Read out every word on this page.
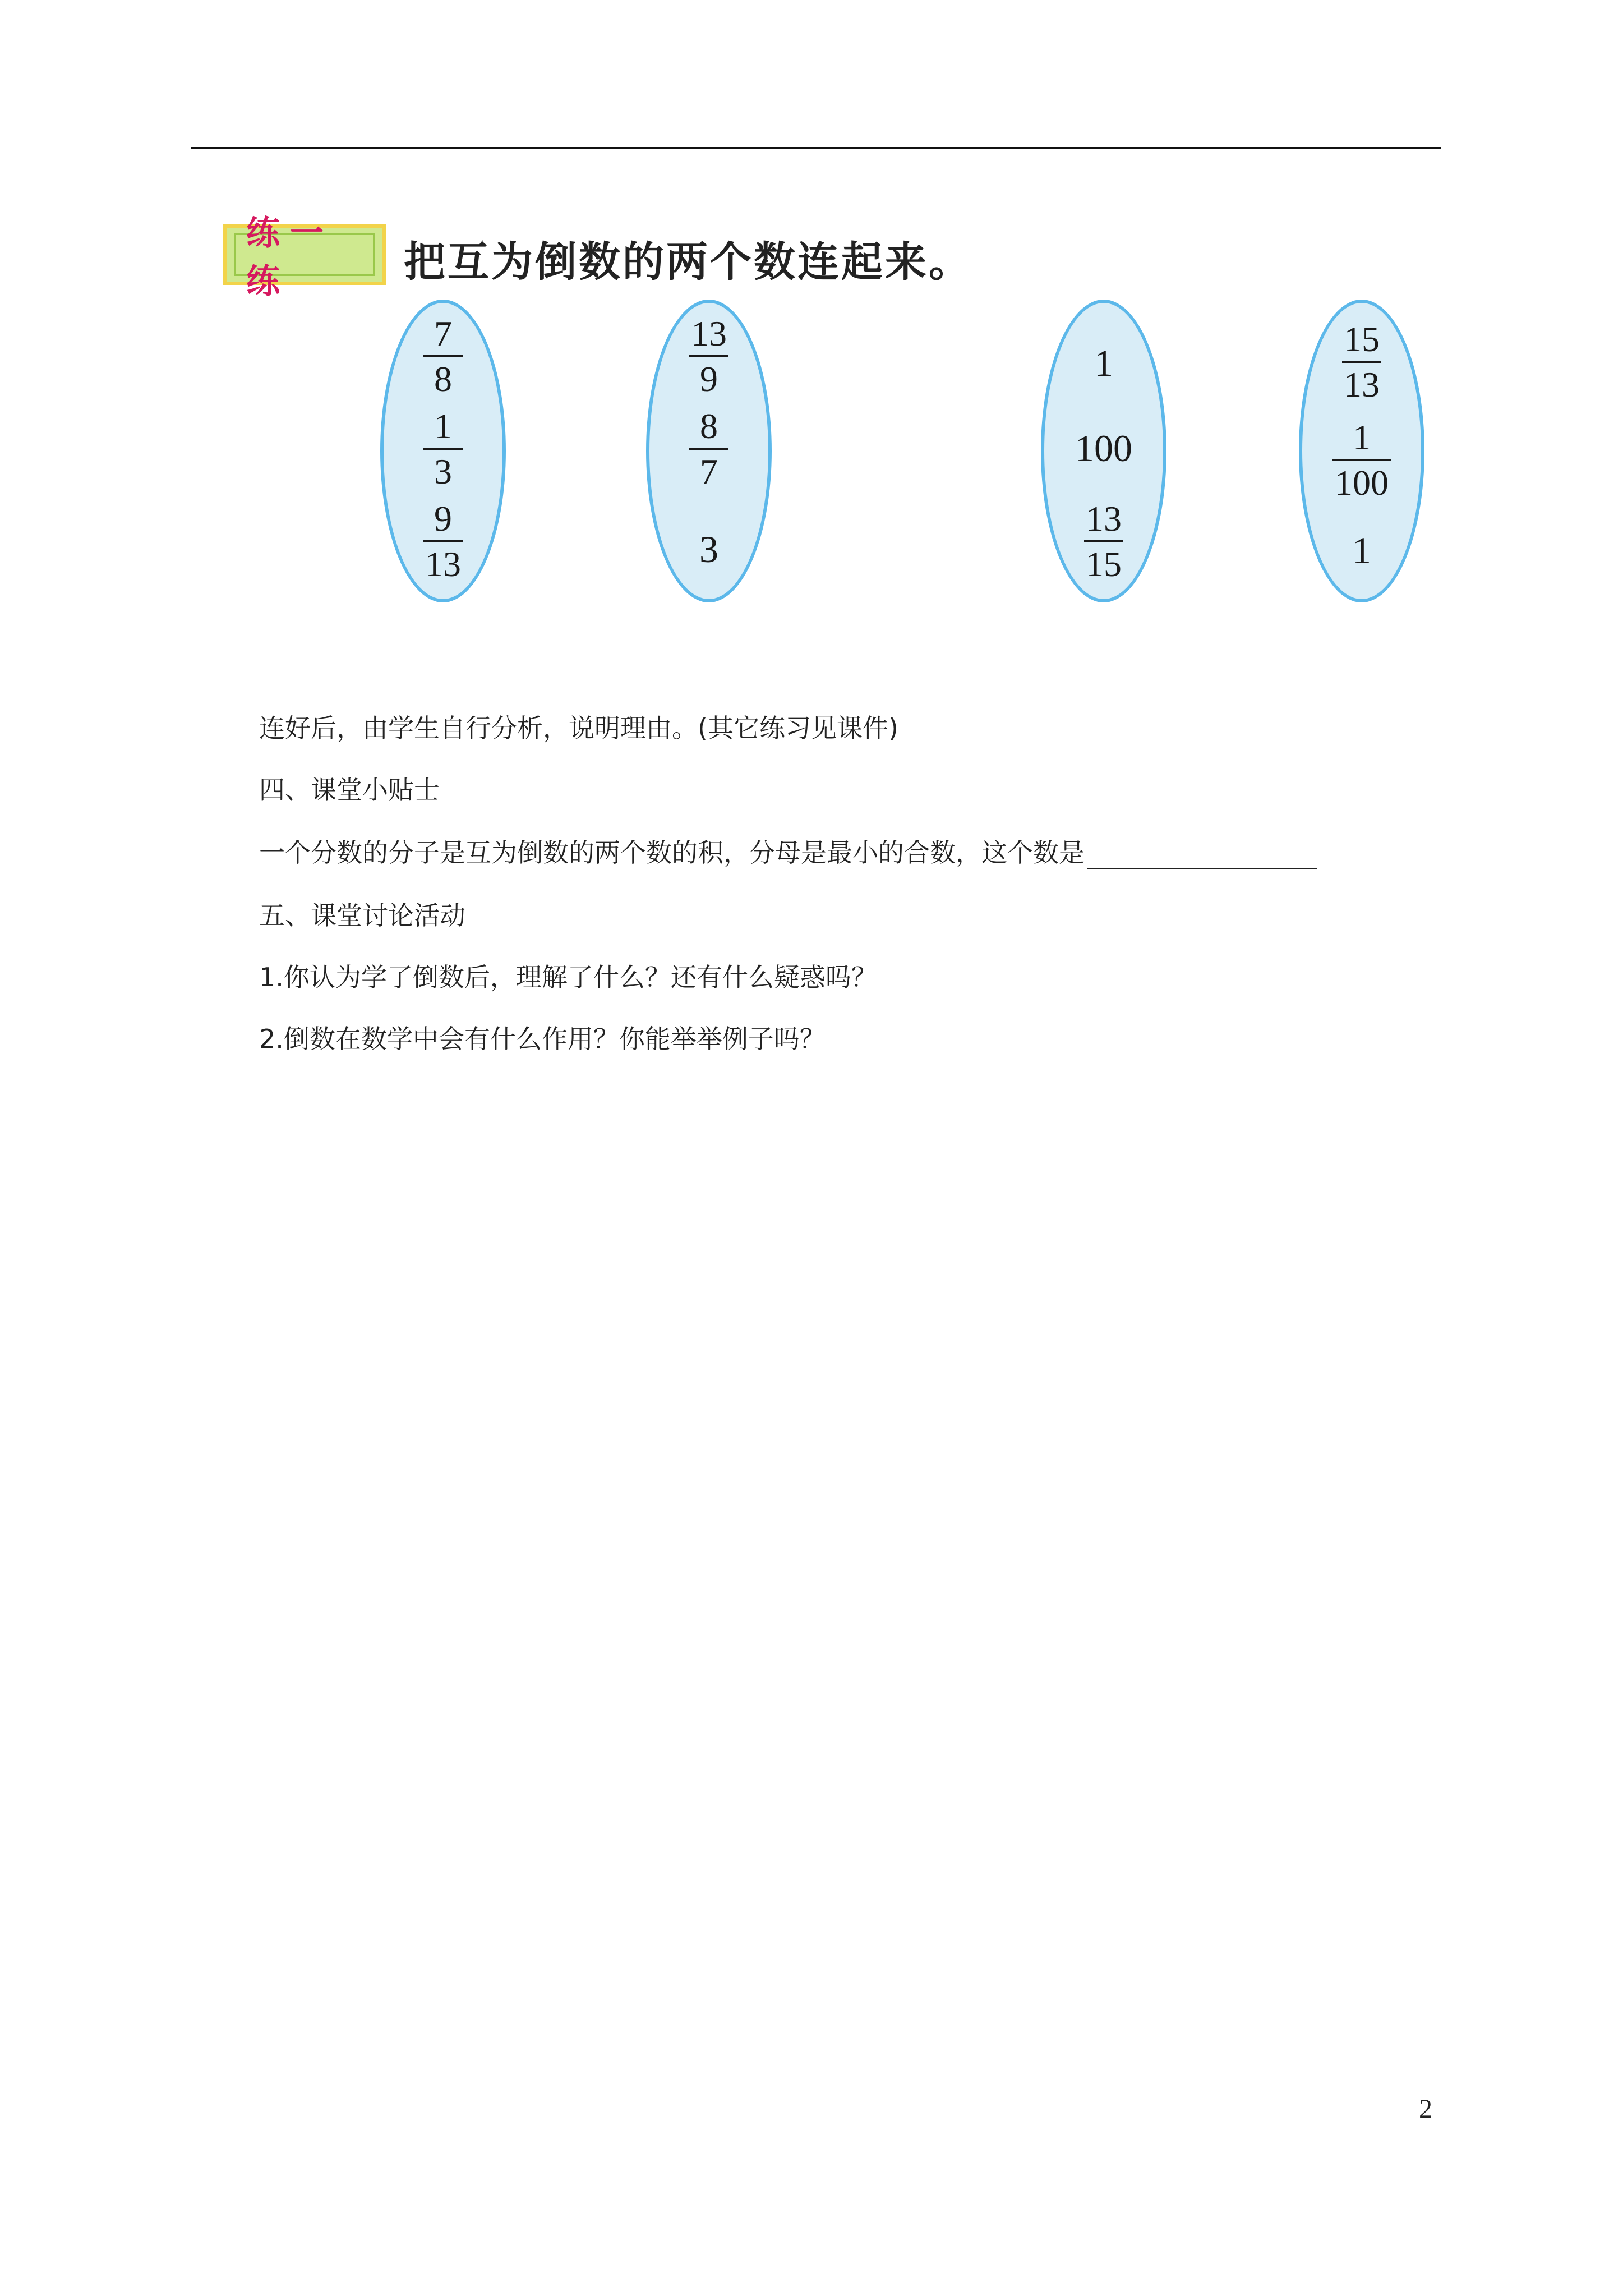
练一练	把互为倒数的两个数连起来。
7
8
1
3
9
13
13
9
8
7
3
1
100
13
15
15
13
1
100
1
连好后，由学生自行分析，说明理由。(其它练习见课件)
四、课堂小贴士
一个分数的分子是互为倒数的两个数的积，分母是最小的合数，这个数是
五、课堂讨论活动
1.你认为学了倒数后，理解了什么？还有什么疑惑吗？
2.倒数在数学中会有什么作用？你能举举例子吗？
2
